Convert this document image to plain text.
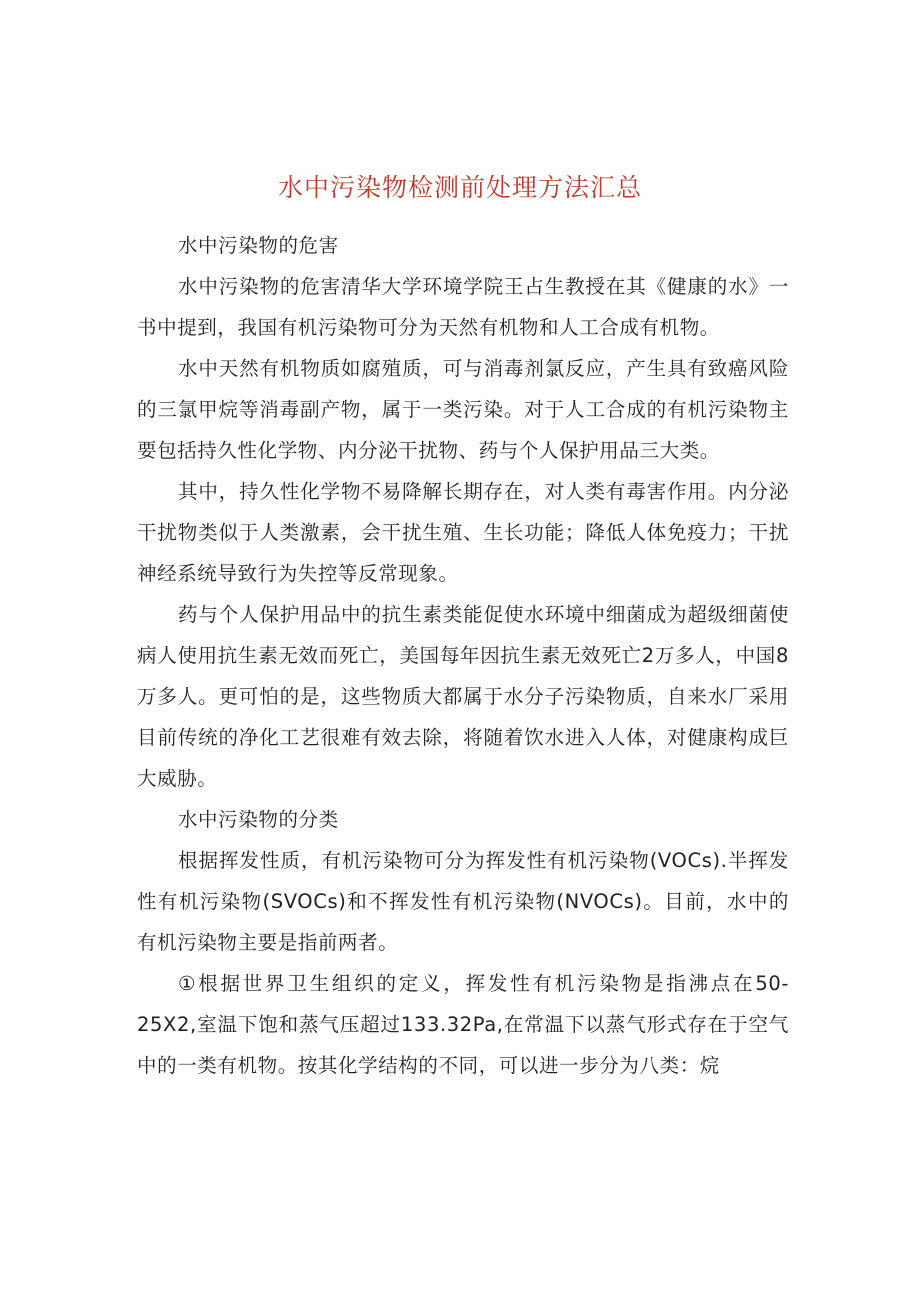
水中污染物检测前处理方法汇总

水中污染物的危害

水中污染物的危害清华大学环境学院王占生教授在其《健康的水》一书中提到，我国有机污染物可分为天然有机物和人工合成有机物。

水中天然有机物质如腐殖质，可与消毒剂氯反应，产生具有致癌风险的三氯甲烷等消毒副产物，属于一类污染。对于人工合成的有机污染物主要包括持久性化学物、内分泌干扰物、药与个人保护用品三大类。

其中，持久性化学物不易降解长期存在，对人类有毒害作用。内分泌干扰物类似于人类激素，会干扰生殖、生长功能；降低人体免疫力；干扰神经系统导致行为失控等反常现象。

药与个人保护用品中的抗生素类能促使水环境中细菌成为超级细菌使病人使用抗生素无效而死亡，美国每年因抗生素无效死亡2万多人，中国8万多人。更可怕的是，这些物质大都属于水分子污染物质，自来水厂采用目前传统的净化工艺很难有效去除，将随着饮水进入人体，对健康构成巨大威胁。

水中污染物的分类

根据挥发性质，有机污染物可分为挥发性有机污染物(VOCs).半挥发性有机污染物(SVOCs)和不挥发性有机污染物(NVOCs)。目前，水中的有机污染物主要是指前两者。

①根据世界卫生组织的定义，挥发性有机污染物是指沸点在50-25X2,室温下饱和蒸气压超过133.32Pa,在常温下以蒸气形式存在于空气中的一类有机物。按其化学结构的不同，可以进一步分为八类：烷
